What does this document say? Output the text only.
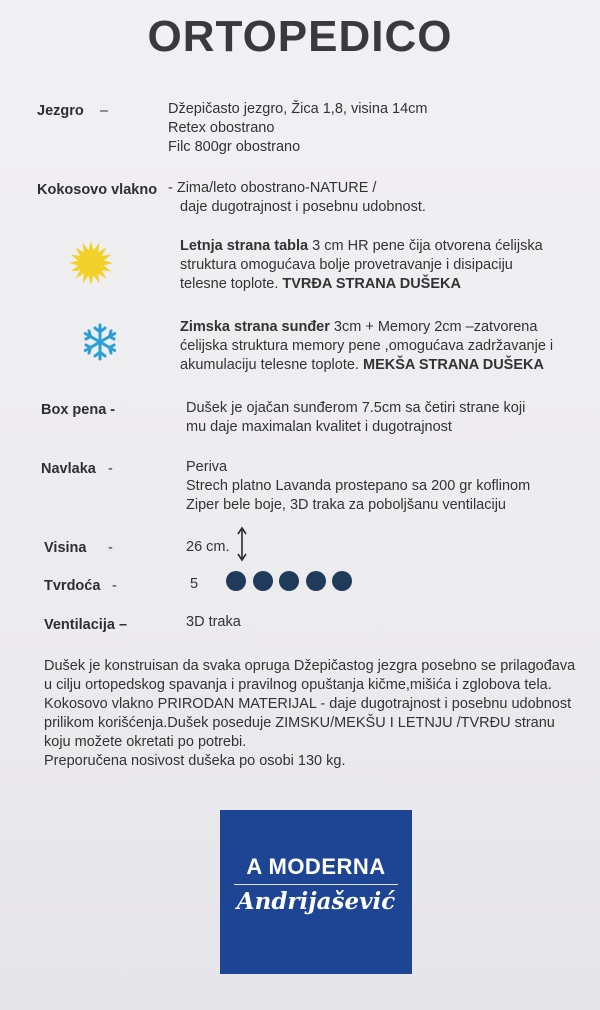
ORTOPEDICO
Jezgro –	Džepičasto jezgro, Žica 1,8, visina 14cm
Retex obostrano
Filc 800gr obostrano
Kokosovo vlakno - Zima/leto obostrano-NATURE /
daje dugotrajnost i posebnu udobnost.
Letnja strana tabla 3 cm HR pene čija otvorena ćelijska
struktura omogućava bolje provetravanje i disipaciju
telesne toplote. TVRĐA STRANA DUŠEKA
Zimska strana sunđer 3cm + Memory 2cm –zatvorena
ćelijska struktura memory pene ,omogućava zadržavanje i
akumulaciju telesne toplote. MEKŠA STRANA DUŠEKA
Box pena -	Dušek je ojačan sunđerom 7.5cm sa četiri strane koji
mu daje maximalan kvalitet i dugotrajnost
Navlaka -	Periva
Strech platno Lavanda prostepano sa 200 gr koflinom
Ziper bele boje, 3D traka za poboljšanu ventilaciju
Visina -	26 cm.
Tvrdoća -	5
Ventilacija –	3D traka
Dušek je konstruisan da svaka opruga Džepičastog jezgra posebno se prilagođava
u cilju ortopedskog spavanja i pravilnog opuštanja kičme,mišića i zglobova tela.
Kokosovo vlakno PRIRODAN MATERIJAL - daje dugotrajnost i posebnu udobnost
prilikom korišćenja.Dušek poseduje ZIMSKU/MEKŠU I LETNJU /TVRĐU stranu
koju možete okretati po potrebi.
Preporučena nosivost dušeka po osobi 130 kg.
A MODERNA
Andrijašević
